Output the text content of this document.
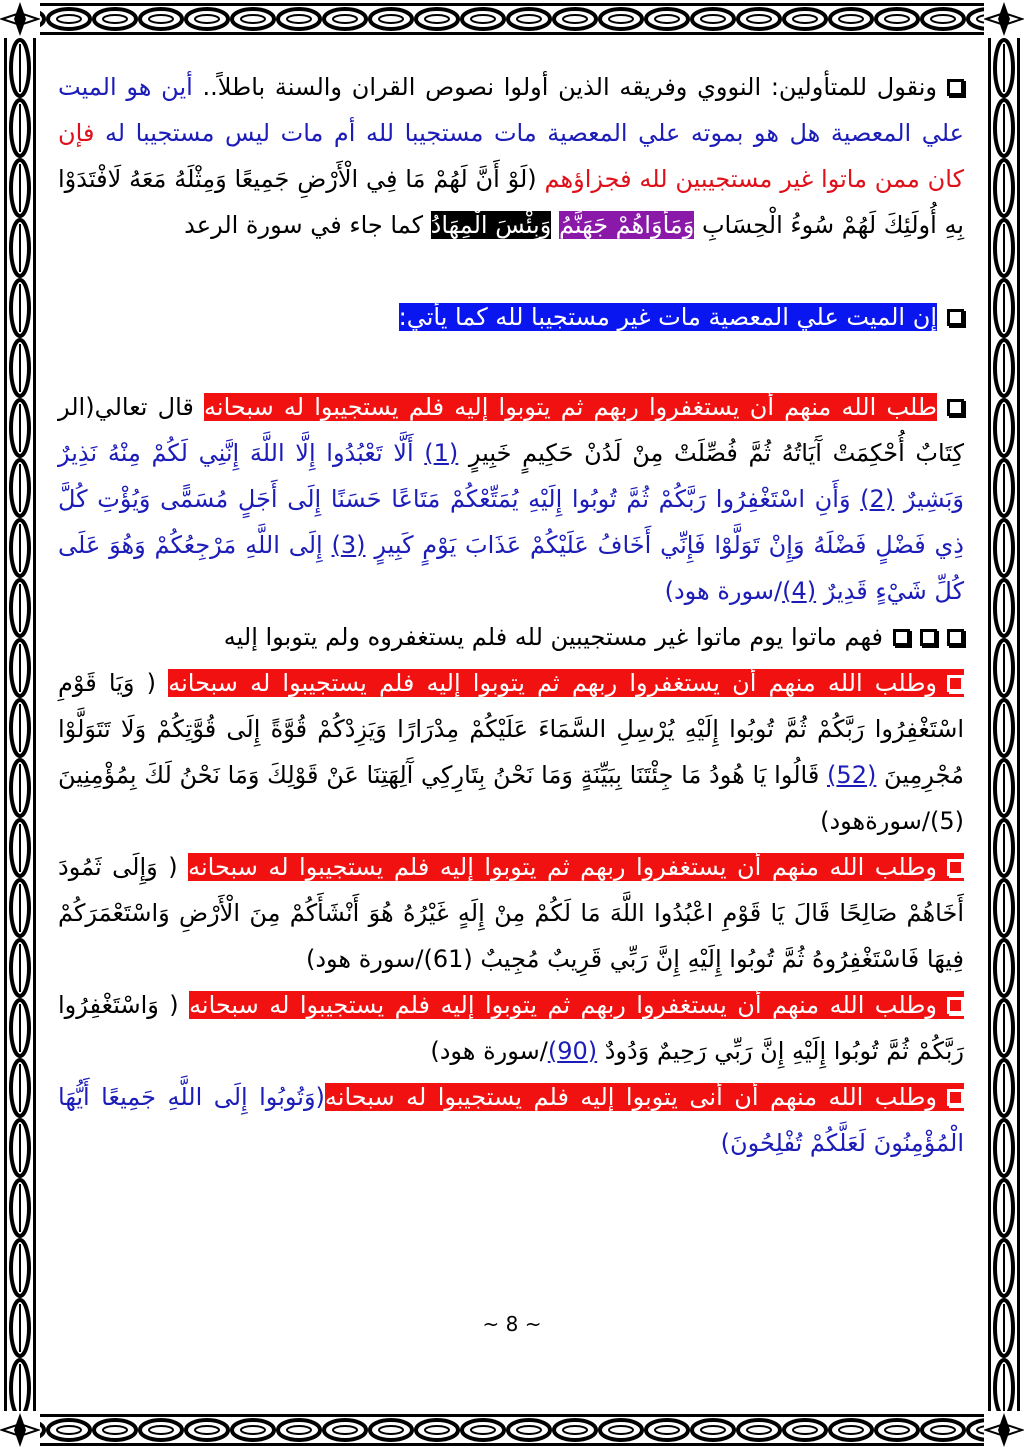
ونقول للمتأولين: النووي وفريقه الذين أولوا نصوص القران والسنة باطلاً.. أين هو الميت علي المعصية هل هو بموته علي المعصية مات مستجيبا لله أم مات ليس مستجيبا له فإن كان ممن ماتوا غير مستجيبين لله فجزاؤهم (لَوْ أَنَّ لَهُمْ مَا فِي الْأَرْضِ جَمِيعًا وَمِثْلَهُ مَعَهُ لَافْتَدَوْا بِهِ أُولَئِكَ لَهُمْ سُوءُ الْحِسَابِ وَمَأْوَاهُمْ جَهَنَّمُ وَبِئْسَ الْمِهَادُ كما جاء في سورة الرعد

إن الميت علي المعصية مات غير مستجيبا لله كما يأتي:

طلب الله منهم أن يستغفروا ربهم ثم يتوبوا إليه فلم يستجيبوا له سبحانه قال تعالي(الر كِتَابٌ أُحْكِمَتْ آَيَاتُهُ ثُمَّ فُصِّلَتْ مِنْ لَدُنْ حَكِيمٍ خَبِيرٍ (1) أَلَّا تَعْبُدُوا إِلَّا اللَّهَ إِنَّنِي لَكُمْ مِنْهُ نَذِيرٌ وَبَشِيرٌ (2) وَأَنِ اسْتَغْفِرُوا رَبَّكُمْ ثُمَّ تُوبُوا إِلَيْهِ يُمَتِّعْكُمْ مَتَاعًا حَسَنًا إِلَى أَجَلٍ مُسَمًّى وَيُؤْتِ كُلَّ ذِي فَضْلٍ فَضْلَهُ وَإِنْ تَوَلَّوْا فَإِنِّي أَخَافُ عَلَيْكُمْ عَذَابَ يَوْمٍ كَبِيرٍ (3) إِلَى اللَّهِ مَرْجِعُكُمْ وَهُوَ عَلَى كُلِّ شَيْءٍ قَدِيرٌ (4)/سورة هود)

فهم ماتوا يوم ماتوا غير مستجيبين لله فلم يستغفروه ولم يتوبوا إليه

وطلب الله منهم أن يستغفروا ربهم ثم يتوبوا إليه فلم يستجيبوا له سبحانه ( وَيَا قَوْمِ اسْتَغْفِرُوا رَبَّكُمْ ثُمَّ تُوبُوا إِلَيْهِ يُرْسِلِ السَّمَاءَ عَلَيْكُمْ مِدْرَارًا وَيَزِدْكُمْ قُوَّةً إِلَى قُوَّتِكُمْ وَلَا تَتَوَلَّوْا مُجْرِمِينَ (52) قَالُوا يَا هُودُ مَا جِئْتَنَا بِبَيِّنَةٍ وَمَا نَحْنُ بِتَارِكِي آَلِهَتِنَا عَنْ قَوْلِكَ وَمَا نَحْنُ لَكَ بِمُؤْمِنِينَ (5)/سورةهود)

وطلب الله منهم أن يستغفروا ربهم ثم يتوبوا إليه فلم يستجيبوا له سبحانه ( وَإِلَى ثَمُودَ أَخَاهُمْ صَالِحًا قَالَ يَا قَوْمِ اعْبُدُوا اللَّهَ مَا لَكُمْ مِنْ إِلَهٍ غَيْرُهُ هُوَ أَنْشَأَكُمْ مِنَ الْأَرْضِ وَاسْتَعْمَرَكُمْ فِيهَا فَاسْتَغْفِرُوهُ ثُمَّ تُوبُوا إِلَيْهِ إِنَّ رَبِّي قَرِيبٌ مُجِيبٌ (61)/سورة هود)

وطلب الله منهم أن يستغفروا ربهم ثم يتوبوا إليه فلم يستجيبوا له سبحانه ( وَاسْتَغْفِرُوا رَبَّكُمْ ثُمَّ تُوبُوا إِلَيْهِ إِنَّ رَبِّي رَحِيمٌ وَدُودٌ (90)/سورة هود)

وطلب الله منهم أن أنى يتوبوا إليه فلم يستجيبوا له سبحانه(وَتُوبُوا إِلَى اللَّهِ جَمِيعًا أَيُّهَا الْمُؤْمِنُونَ لَعَلَّكُمْ تُفْلِحُونَ)

~ 8 ~
